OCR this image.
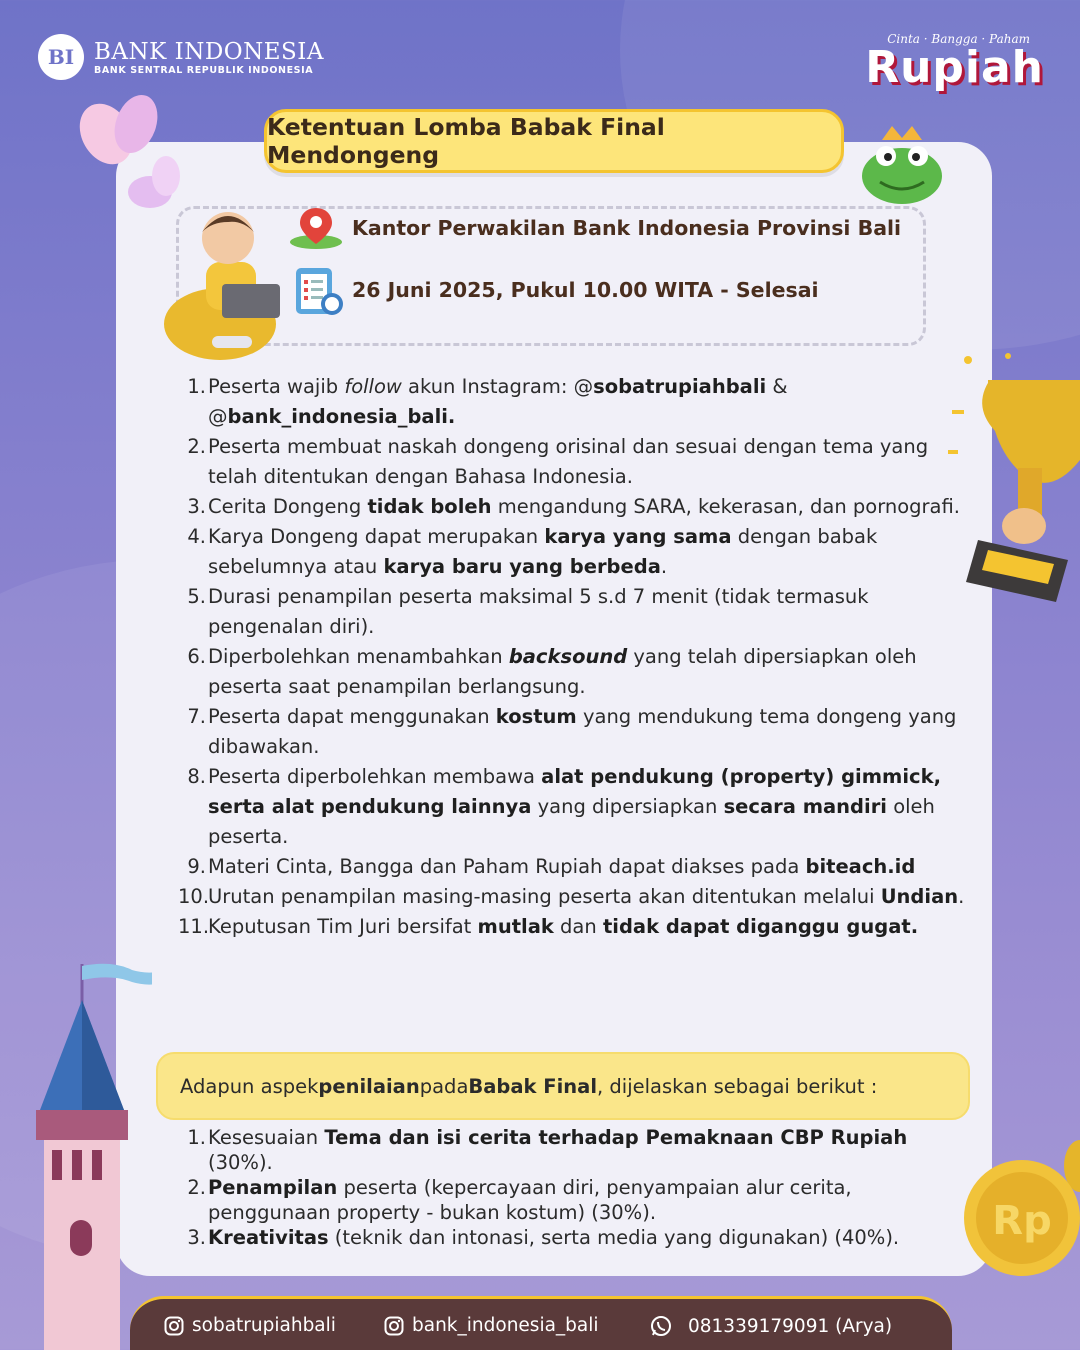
BI BANK INDONESIA
BANK SENTRAL REPUBLIK INDONESIA
Cinta · Bangga · Paham
Rupiah
Ketentuan Lomba Babak Final Mendongeng
Kantor Perwakilan Bank Indonesia Provinsi Bali
26 Juni 2025, Pukul 10.00 WITA - Selesai
1. Peserta wajib follow akun Instagram: @sobatrupiahbali & @bank_indonesia_bali.
2. Peserta membuat naskah dongeng orisinal dan sesuai dengan tema yang telah ditentukan dengan Bahasa Indonesia.
3. Cerita Dongeng tidak boleh mengandung SARA, kekerasan, dan pornografi.
4. Karya Dongeng dapat merupakan karya yang sama dengan babak sebelumnya atau karya baru yang berbeda.
5. Durasi penampilan peserta maksimal 5 s.d 7 menit (tidak termasuk pengenalan diri).
6. Diperbolehkan menambahkan backsound yang telah dipersiapkan oleh peserta saat penampilan berlangsung.
7. Peserta dapat menggunakan kostum yang mendukung tema dongeng yang dibawakan.
8. Peserta diperbolehkan membawa alat pendukung (property) gimmick, serta alat pendukung lainnya yang dipersiapkan secara mandiri oleh peserta.
9. Materi Cinta, Bangga dan Paham Rupiah dapat diakses pada biteach.id
10.
Urutan penampilan masing-masing peserta akan ditentukan melalui Undian.
11.
Keputusan Tim Juri bersifat mutlak dan tidak dapat diganggu gugat.
Adapun aspek penilaian pada Babak Final , dijelaskan sebagai berikut :
1. Kesesuaian Tema dan isi cerita terhadap Pemaknaan CBP Rupiah (30%).
2. Penampilan peserta (kepercayaan diri, penyampaian alur cerita, penggunaan property - bukan kostum) (30%).
3. Kreativitas (teknik dan intonasi, serta media yang digunakan) (40%). Rp
sobatrupiahbali	bank_indonesia_bali	081339179091 (Arya)
